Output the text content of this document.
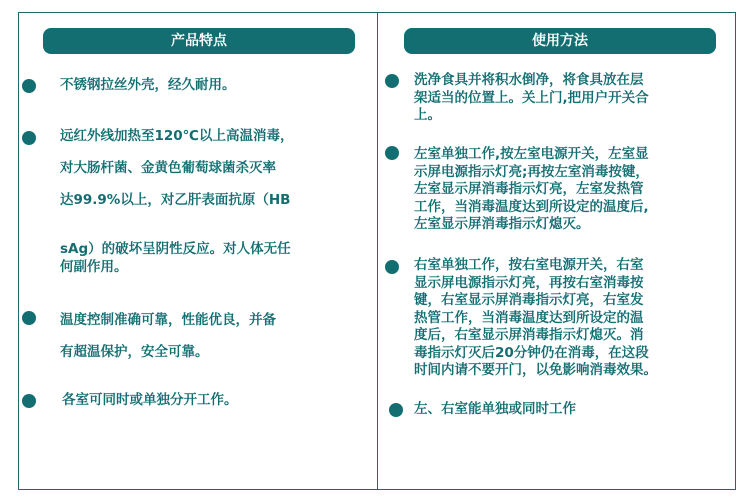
产品特点

不锈钢拉丝外壳，经久耐用。

远红外线加热至120℃以上高温消毒，
对大肠杆菌、金黄色葡萄球菌杀灭率
达99.9%以上，对乙肝表面抗原（HB

sAg）的破坏呈阴性反应。对人体无任
何副作用。

温度控制准确可靠，性能优良，并备
有超温保护，安全可靠。

各室可同时或单独分开工作。

使用方法

洗净食具并将积水倒净，将食具放在层
架适当的位置上。关上门,把用户开关合
上。

左室单独工作,按左室电源开关，左室显
示屏电源指示灯亮;再按左室消毒按键，
左室显示屏消毒指示灯亮，左室发热管
工作，当消毒温度达到所设定的温度后,
左室显示屏消毒指示灯熄灭。

右室单独工作，按右室电源开关，右室
显示屏电源指示灯亮，再按右室消毒按
键，右室显示屏消毒指示灯亮，右室发
热管工作，当消毒温度达到所设定的温
度后，右室显示屏消毒指示灯熄灭。消
毒指示灯灭后20分钟仍在消毒，在这段
时间内请不要开门，以免影响消毒效果。

左、右室能单独或同时工作
